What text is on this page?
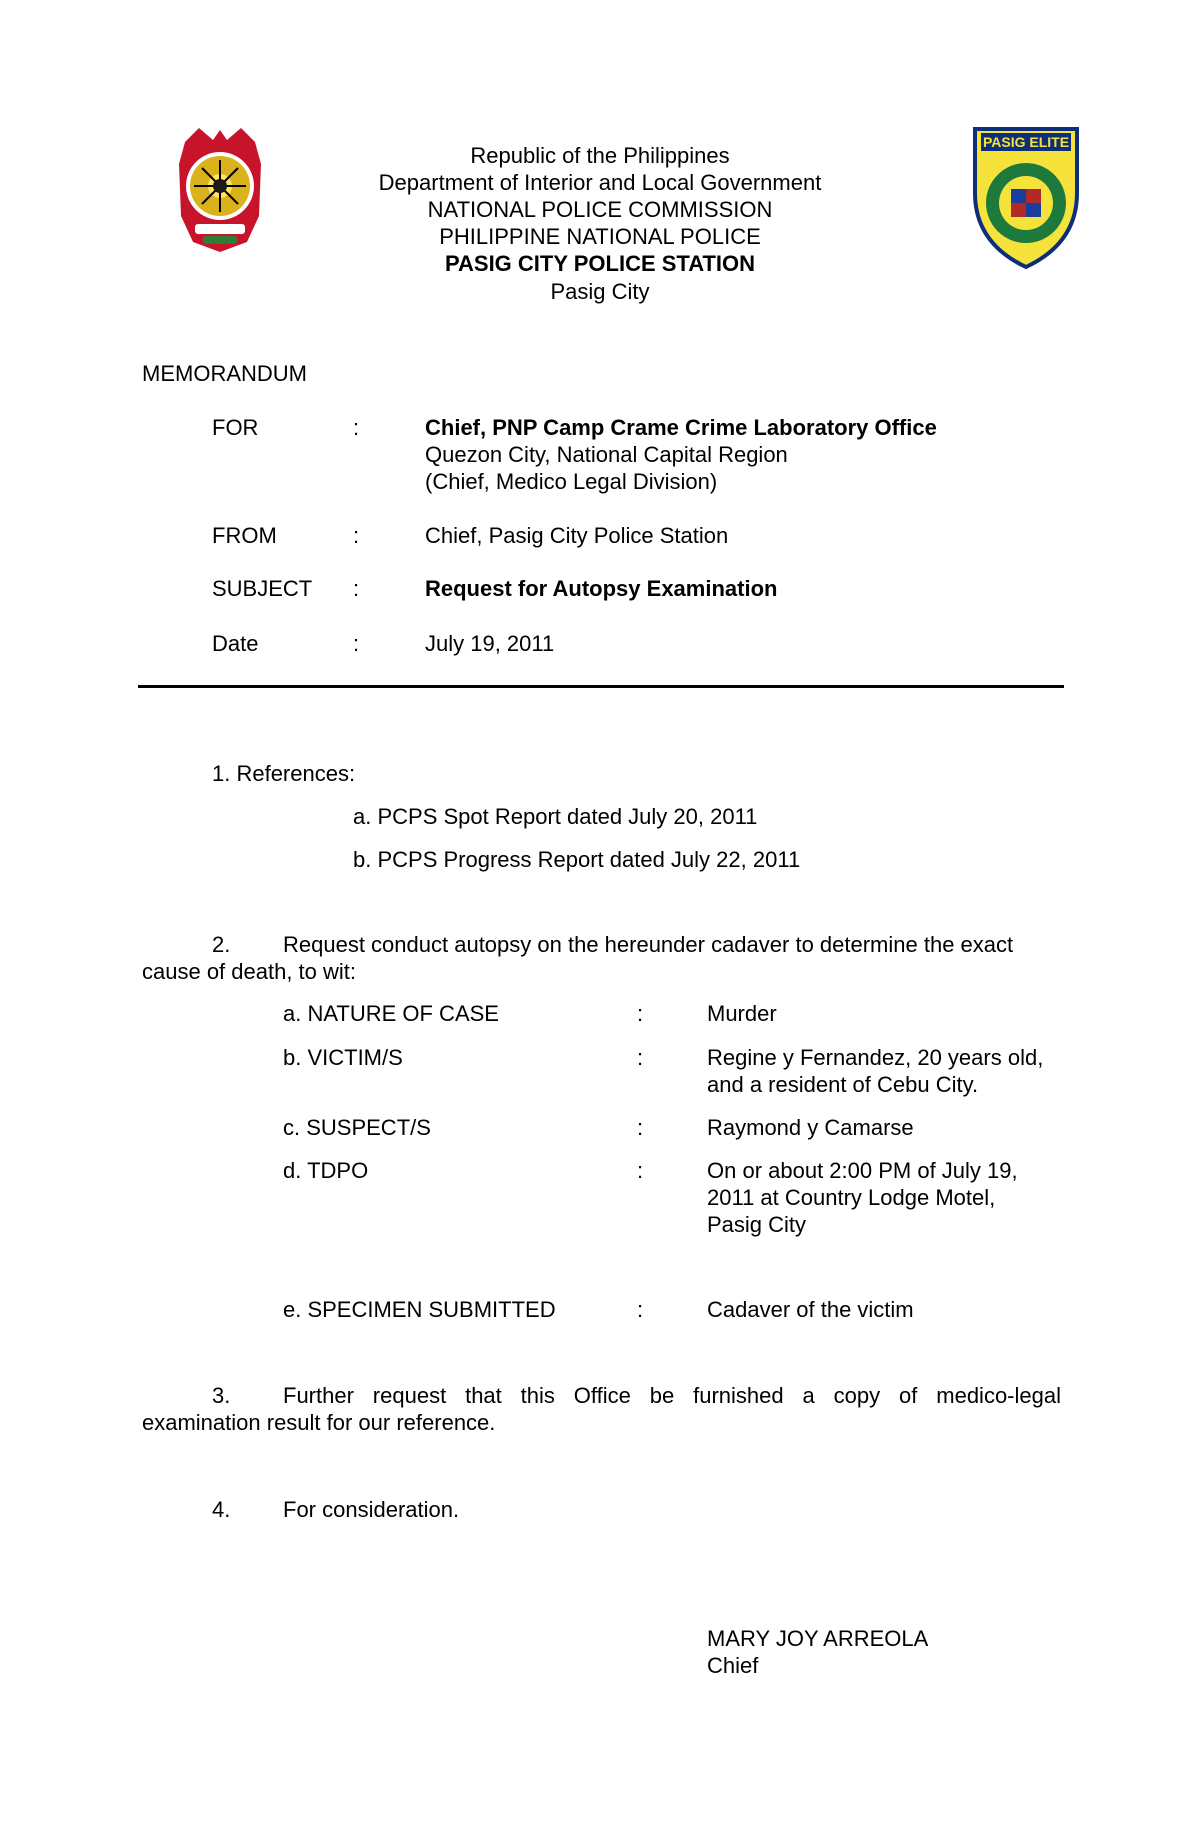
PASIG ELITE
Republic of the Philippines
Department of Interior and Local Government
NATIONAL POLICE COMMISSION
PHILIPPINE NATIONAL POLICE
PASIG CITY POLICE STATION
Pasig City
MEMORANDUM
FOR	:	Chief, PNP Camp Crame Crime Laboratory Office
Quezon City, National Capital Region
(Chief, Medico Legal Division)
FROM	:	Chief, Pasig City Police Station
SUBJECT :	Request for Autopsy Examination
Date	:	July 19, 2011
1. References:
a. PCPS Spot Report dated July 20, 2011
b. PCPS Progress Report dated July 22, 2011
2. Request conduct autopsy on the hereunder cadaver to determine the exact
cause of death, to wit:
a. NATURE OF CASE	:	Murder
b. VICTIM/S	:	Regine y Fernandez, 20 years old,
and a resident of Cebu City.
c. SUSPECT/S	:	Raymond y Camarse
d. TDPO	:	On or about 2:00 PM of July 19,
2011 at Country Lodge Motel,
Pasig City
e. SPECIMEN SUBMITTED	:	Cadaver of the victim
3. Further request that this Office be furnished a copy of medico-legal
examination result for our reference.
4. For consideration.
MARY JOY ARREOLA
Chief
